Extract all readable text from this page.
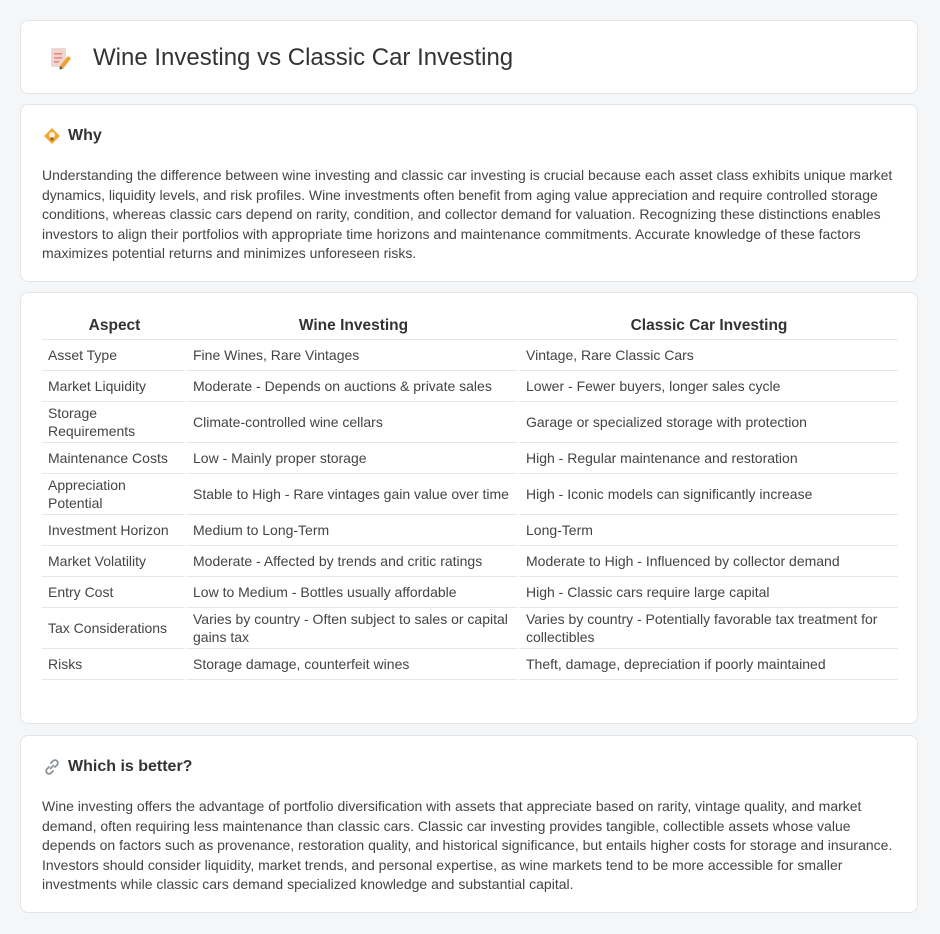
Wine Investing vs Classic Car Investing
Why
Understanding the difference between wine investing and classic car investing is crucial because each asset class exhibits unique market dynamics, liquidity levels, and risk profiles. Wine investments often benefit from aging value appreciation and require controlled storage conditions, whereas classic cars depend on rarity, condition, and collector demand for valuation. Recognizing these distinctions enables investors to align their portfolios with appropriate time horizons and maintenance commitments. Accurate knowledge of these factors maximizes potential returns and minimizes unforeseen risks.
Aspect	Wine Investing	Classic Car Investing
Asset Type	Fine Wines, Rare Vintages	Vintage, Rare Classic Cars
Market Liquidity	Moderate - Depends on auctions & private sales	Lower - Fewer buyers, longer sales cycle
Storage Requirements	Climate-controlled wine cellars	Garage or specialized storage with protection
Maintenance Costs	Low - Mainly proper storage	High - Regular maintenance and restoration
Appreciation Potential	Stable to High - Rare vintages gain value over time	High - Iconic models can significantly increase
Investment Horizon	Medium to Long-Term	Long-Term
Market Volatility	Moderate - Affected by trends and critic ratings	Moderate to High - Influenced by collector demand
Entry Cost	Low to Medium - Bottles usually affordable	High - Classic cars require large capital
Tax Considerations	Varies by country - Often subject to sales or capital gains tax	Varies by country - Potentially favorable tax treatment for collectibles
Risks	Storage damage, counterfeit wines	Theft, damage, depreciation if poorly maintained
Which is better?
Wine investing offers the advantage of portfolio diversification with assets that appreciate based on rarity, vintage quality, and market demand, often requiring less maintenance than classic cars. Classic car investing provides tangible, collectible assets whose value depends on factors such as provenance, restoration quality, and historical significance, but entails higher costs for storage and insurance. Investors should consider liquidity, market trends, and personal expertise, as wine markets tend to be more accessible for smaller investments while classic cars demand specialized knowledge and substantial capital.
